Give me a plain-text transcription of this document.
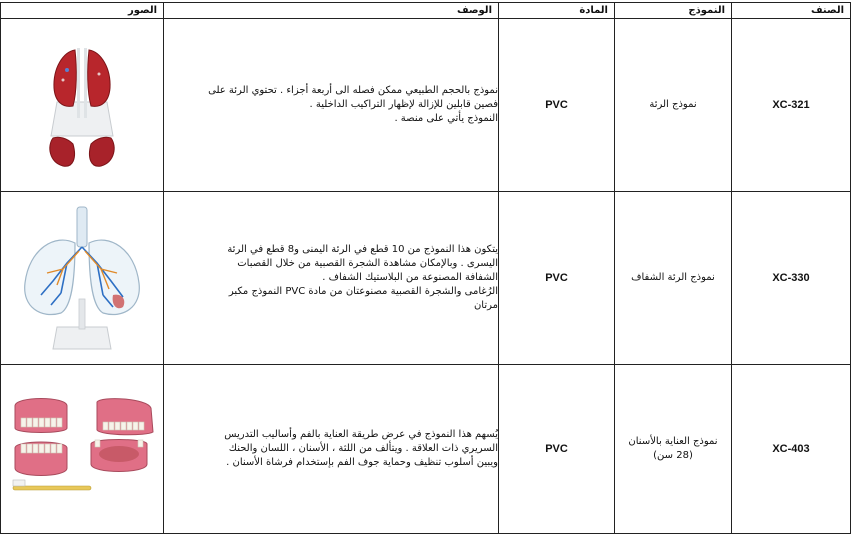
الصنف	النموذج	المادة	الوصف	الصور
XC-321	نموذج الرئة	PVC	نموذج بالحجم الطبيعي ممكن فصله الى أربعة أجزاء . تحتوي الرئة على
فصين قابلين للإزالة لإظهار التراكيب الداخلية .
النموذج يأتي على منصة .

XC-330	نموذج الرئة الشفاف	PVC	يتكون هذا النموذج من 10 قطع في الرئة اليمنى و8 قطع في الرئة
اليسرى . وبالإمكان مشاهدة الشجرة القصبية من خلال القصبات
الشفافة المصنوعة من البلاستيك الشفاف .
الرُغامى والشجرة القصبية مصنوعتان من مادة PVC النموذج مكبر
مرتان

XC-403	نموذج العناية بالأسنان
(28 سن)	PVC	يُسهم هذا النموذج في عرض طريقة العناية بالفم وأساليب التدريس
السريري ذات العلاقة . ويتألف من اللثة ، الأسنان ، اللسان والحنك
ويبين أسلوب تنظيف وحماية جوف الفم بإستخدام فرشاة الأسنان .
